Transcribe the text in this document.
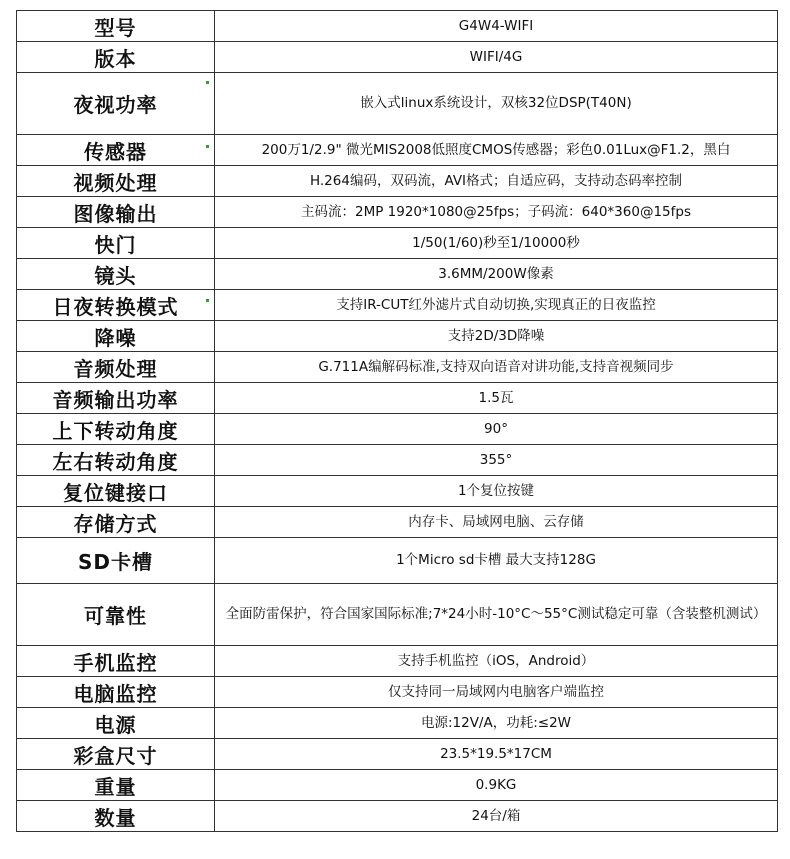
型号	G4W4-WIFI
版本	WIFI/4G
夜视功率	嵌入式linux系统设计，双核32位DSP(T40N)
传感器	200万1/2.9" 微光MIS2008低照度CMOS传感器；彩色0.01Lux@F1.2，黑白
视频处理	H.264编码，双码流，AVI格式；自适应码，支持动态码率控制
图像输出	主码流：2MP 1920*1080@25fps；子码流：640*360@15fps
快门	1/50(1/60)秒至1/10000秒
镜头	3.6MM/200W像素
日夜转换模式	支持IR-CUT红外滤片式自动切换,实现真正的日夜监控
降噪	支持2D/3D降噪
音频处理	G.711A编解码标准,支持双向语音对讲功能,支持音视频同步
音频输出功率	1.5瓦
上下转动角度	90°
左右转动角度	355°
复位键接口	1个复位按键
存储方式	内存卡、局域网电脑、云存储
SD卡槽	1个Micro sd卡槽 最大支持128G
可靠性	全面防雷保护，符合国家国际标准;7*24小时-10°C～55°C测试稳定可靠（含装整机测试）
手机监控	支持手机监控（iOS，Android）
电脑监控	仅支持同一局域网内电脑客户端监控
电源	电源:12V/A，功耗:≤2W
彩盒尺寸	23.5*19.5*17CM
重量	0.9KG
数量	24台/箱
